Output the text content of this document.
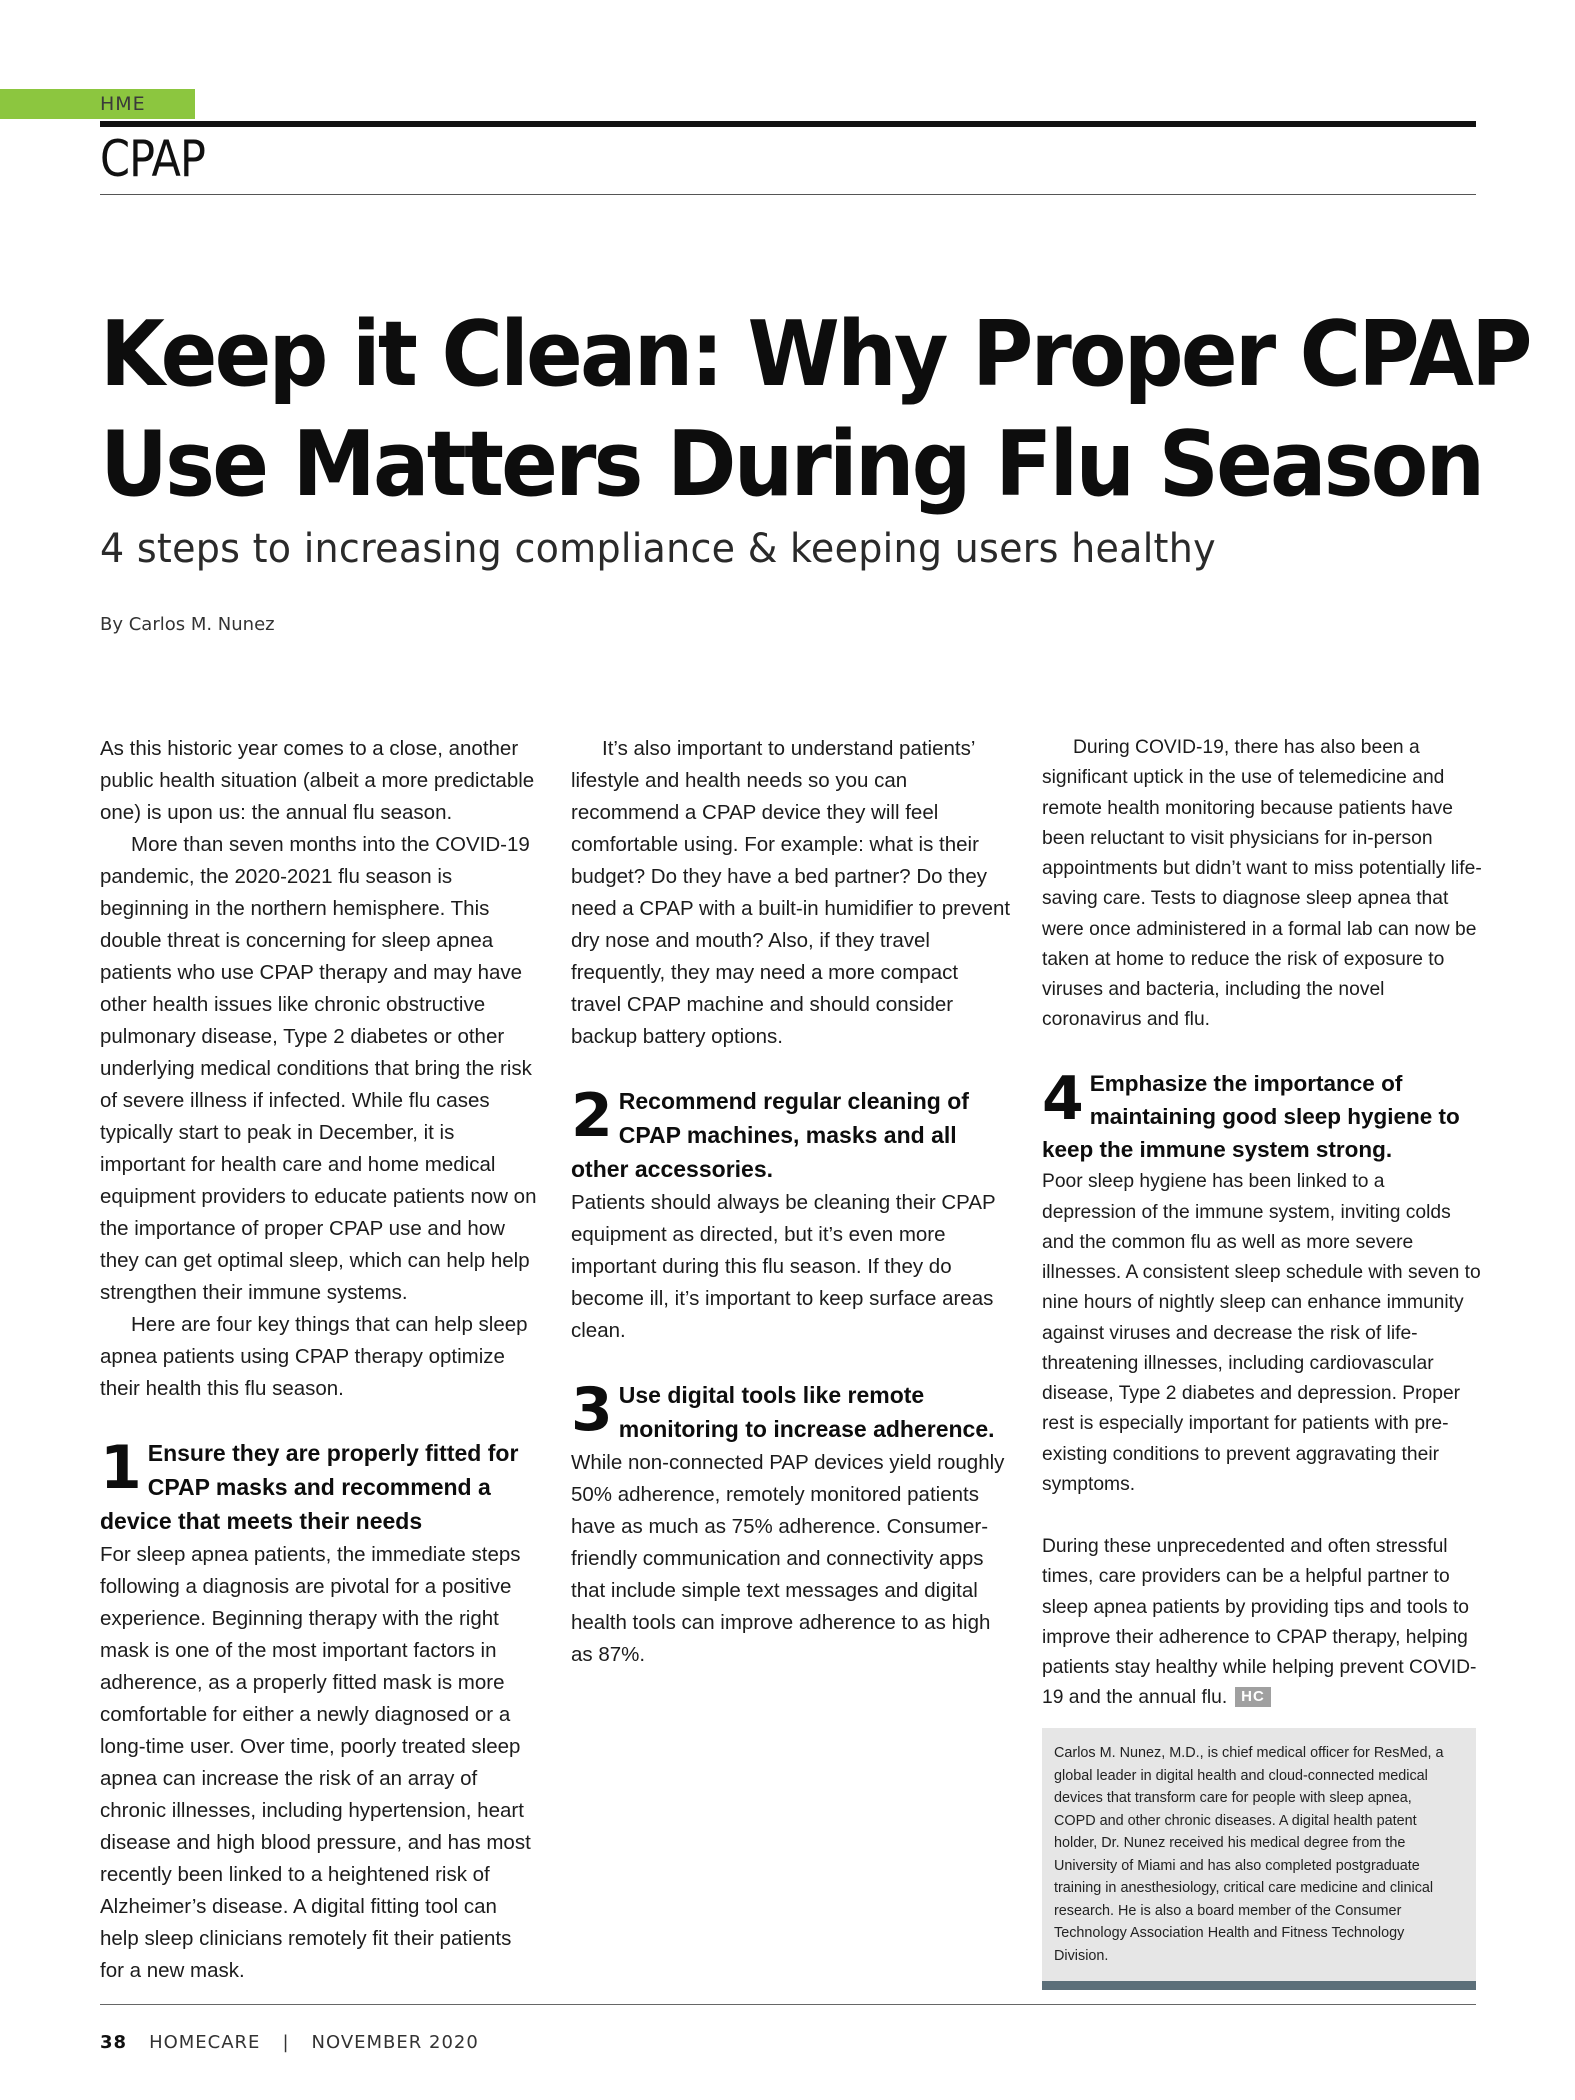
HME
CPAP
Keep it Clean: Why Proper CPAP
Use Matters During Flu Season
4 steps to increasing compliance & keeping users healthy
By Carlos M. Nunez

As this historic year comes to a close, another public health situation (albeit a more predictable one) is upon us: the annual flu season.

More than seven months into the COVID-19 pandemic, the 2020-2021 flu season is beginning in the northern hemisphere. This double threat is concerning for sleep apnea patients who use CPAP therapy and may have other health issues like chronic obstructive pulmonary disease, Type 2 diabetes or other underlying medical conditions that bring the risk of severe illness if infected. While flu cases typically start to peak in December, it is important for health care and home medical equipment providers to educate patients now on the importance of proper CPAP use and how they can get optimal sleep, which can help help strengthen their immune systems.

Here are four key things that can help sleep apnea patients using CPAP therapy optimize their health this flu season.

1 Ensure they are properly fitted for CPAP masks and recommend a device that meets their needs

For sleep apnea patients, the immediate steps following a diagnosis are pivotal for a positive experience. Beginning therapy with the right mask is one of the most important factors in adherence, as a properly fitted mask is more comfortable for either a newly diagnosed or a long-time user. Over time, poorly treated sleep apnea can increase the risk of an array of chronic illnesses, including hypertension, heart disease and high blood pressure, and has most recently been linked to a heightened risk of Alzheimer’s disease. A digital fitting tool can help sleep clinicians remotely fit their patients for a new mask.

It’s also important to understand patients’ lifestyle and health needs so you can recommend a CPAP device they will feel comfortable using. For example: what is their budget? Do they have a bed partner? Do they need a CPAP with a built-in humidifier to prevent dry nose and mouth? Also, if they travel frequently, they may need a more compact travel CPAP machine and should consider backup battery options.

2 Recommend regular cleaning of CPAP machines, masks and all other accessories.

Patients should always be cleaning their CPAP equipment as directed, but it’s even more important during this flu season. If they do become ill, it’s important to keep surface areas clean.

3 Use digital tools like remote monitoring to increase adherence.

While non-connected PAP devices yield roughly 50% adherence, remotely monitored patients have as much as 75% adherence. Consumer-friendly communication and connectivity apps that include simple text messages and digital health tools can improve adherence to as high as 87%.

During COVID-19, there has also been a significant uptick in the use of telemedicine and remote health monitoring because patients have been reluctant to visit physicians for in-person appointments but didn’t want to miss potentially life-saving care. Tests to diagnose sleep apnea that were once administered in a formal lab can now be taken at home to reduce the risk of exposure to viruses and bacteria, including the novel coronavirus and flu.

4 Emphasize the importance of maintaining good sleep hygiene to keep the immune system strong.

Poor sleep hygiene has been linked to a depression of the immune system, inviting colds and the common flu as well as more severe illnesses. A consistent sleep schedule with seven to nine hours of nightly sleep can enhance immunity against viruses and decrease the risk of life-threatening illnesses, including cardiovascular disease, Type 2 diabetes and depression. Proper rest is especially important for patients with pre-existing conditions to prevent aggravating their symptoms.

During these unprecedented and often stressful times, care providers can be a helpful partner to sleep apnea patients by providing tips and tools to improve their adherence to CPAP therapy, helping patients stay healthy while helping prevent COVID-19 and the annual flu. HC

Carlos M. Nunez, M.D., is chief medical officer for ResMed, a global leader in digital health and cloud-connected medical devices that transform care for people with sleep apnea, COPD and other chronic diseases. A digital health patent holder, Dr. Nunez received his medical degree from the University of Miami and has also completed postgraduate training in anesthesiology, critical care medicine and clinical research. He is also a board member of the Consumer Technology Association Health and Fitness Technology Division.
38 HOMECARE | NOVEMBER 2020
